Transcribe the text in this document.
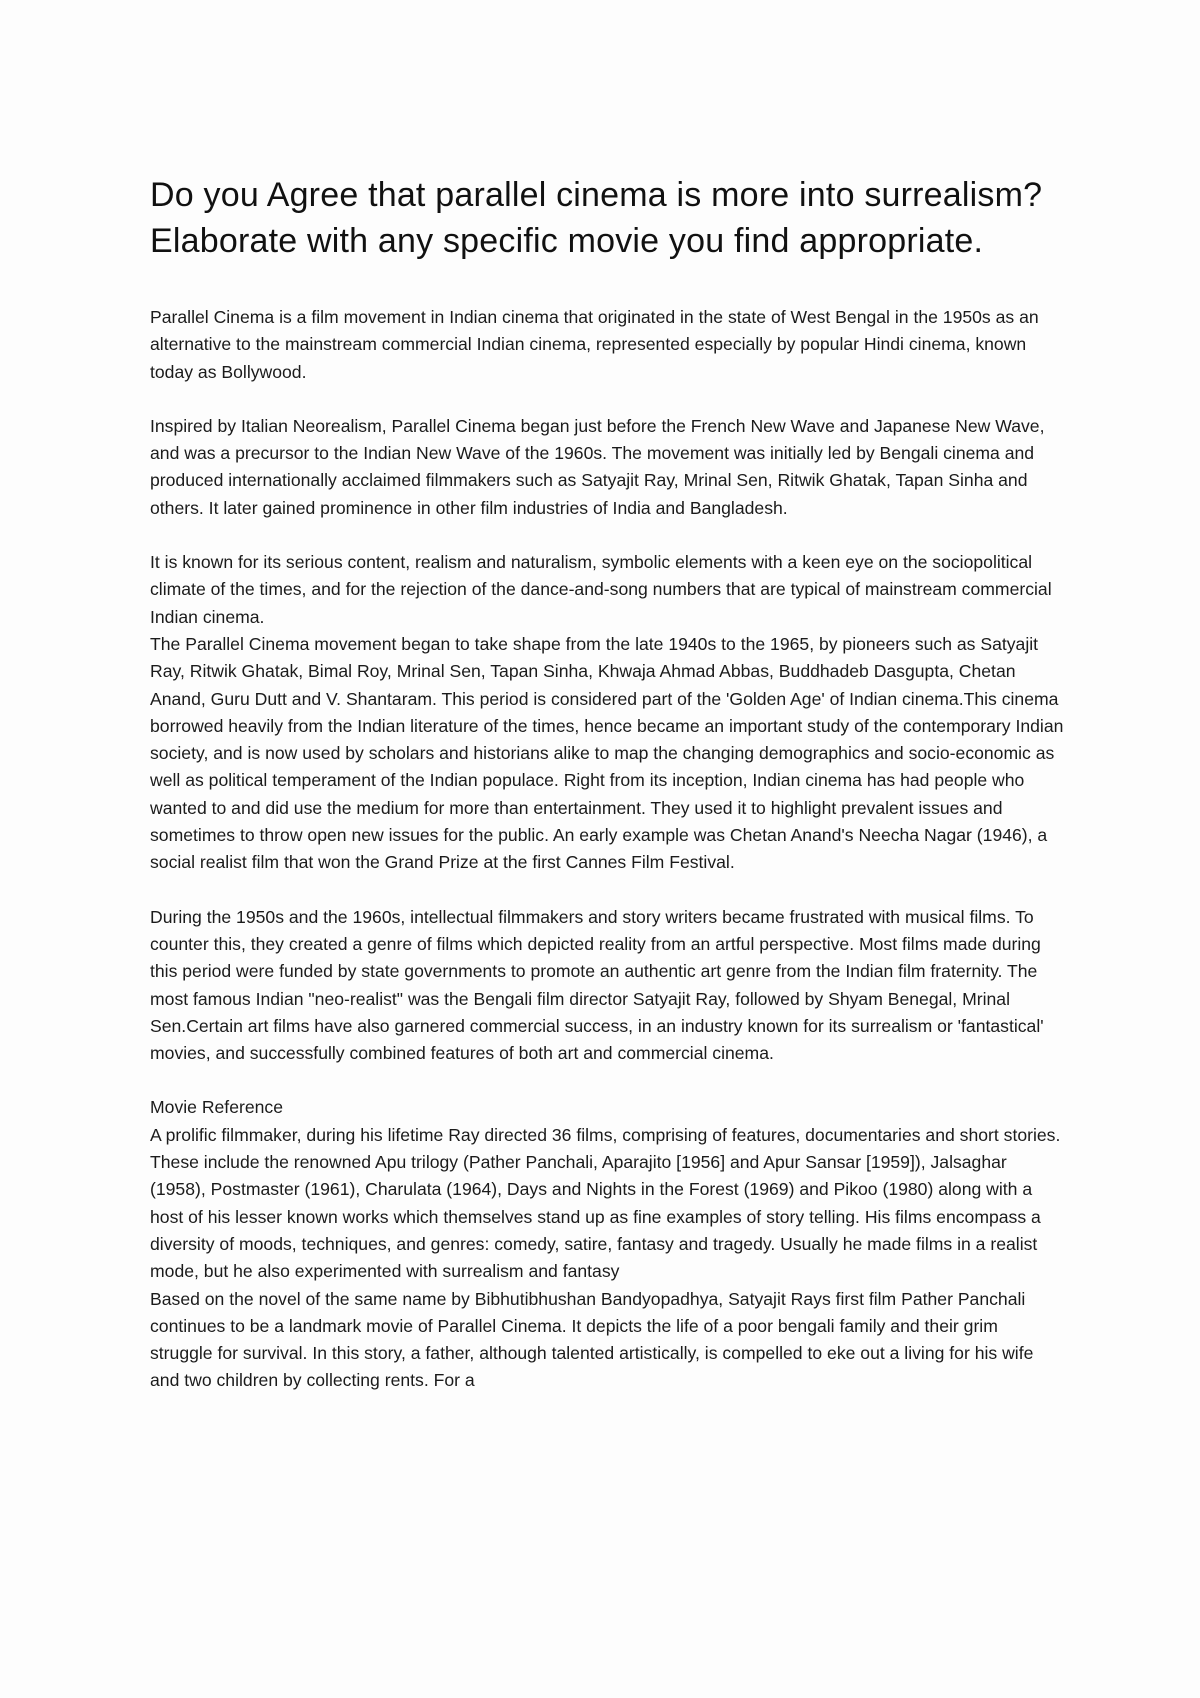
Do you Agree that parallel cinema is more into surrealism? Elaborate with any specific movie you find appropriate.

Parallel Cinema is a film movement in Indian cinema that originated in the state of West Bengal in the 1950s as an alternative to the mainstream commercial Indian cinema, represented especially by popular Hindi cinema, known today as Bollywood.

Inspired by Italian Neorealism, Parallel Cinema began just before the French New Wave and Japanese New Wave, and was a precursor to the Indian New Wave of the 1960s. The movement was initially led by Bengali cinema and produced internationally acclaimed filmmakers such as Satyajit Ray, Mrinal Sen, Ritwik Ghatak, Tapan Sinha and others. It later gained prominence in other film industries of India and Bangladesh.

It is known for its serious content, realism and naturalism, symbolic elements with a keen eye on the sociopolitical climate of the times, and for the rejection of the dance-and-song numbers that are typical of mainstream commercial Indian cinema.

The Parallel Cinema movement began to take shape from the late 1940s to the 1965, by pioneers such as Satyajit Ray, Ritwik Ghatak, Bimal Roy, Mrinal Sen, Tapan Sinha, Khwaja Ahmad Abbas, Buddhadeb Dasgupta, Chetan Anand, Guru Dutt and V. Shantaram. This period is considered part of the 'Golden Age' of Indian cinema.This cinema borrowed heavily from the Indian literature of the times, hence became an important study of the contemporary Indian society, and is now used by scholars and historians alike to map the changing demographics and socio-economic as well as political temperament of the Indian populace. Right from its inception, Indian cinema has had people who wanted to and did use the medium for more than entertainment. They used it to highlight prevalent issues and sometimes to throw open new issues for the public. An early example was Chetan Anand's Neecha Nagar (1946), a social realist film that won the Grand Prize at the first Cannes Film Festival.

During the 1950s and the 1960s, intellectual filmmakers and story writers became frustrated with musical films. To counter this, they created a genre of films which depicted reality from an artful perspective. Most films made during this period were funded by state governments to promote an authentic art genre from the Indian film fraternity. The most famous Indian "neo-realist" was the Bengali film director Satyajit Ray, followed by Shyam Benegal, Mrinal Sen.Certain art films have also garnered commercial success, in an industry known for its surrealism or 'fantastical' movies, and successfully combined features of both art and commercial cinema.

Movie Reference

A prolific filmmaker, during his lifetime Ray directed 36 films, comprising of features, documentaries and short stories. These include the renowned Apu trilogy (Pather Panchali, Aparajito [1956] and Apur Sansar [1959]), Jalsaghar (1958), Postmaster (1961), Charulata (1964), Days and Nights in the Forest (1969) and Pikoo (1980) along with a host of his lesser known works which themselves stand up as fine examples of story telling. His films encompass a diversity of moods, techniques, and genres: comedy, satire, fantasy and tragedy. Usually he made films in a realist mode, but he also experimented with surrealism and fantasy

Based on the novel of the same name by Bibhutibhushan Bandyopadhya, Satyajit Rays first film Pather Panchali continues to be a landmark movie of Parallel Cinema. It depicts the life of a poor bengali family and their grim struggle for survival. In this story, a father, although talented artistically, is compelled to eke out a living for his wife and two children by collecting rents. For a
